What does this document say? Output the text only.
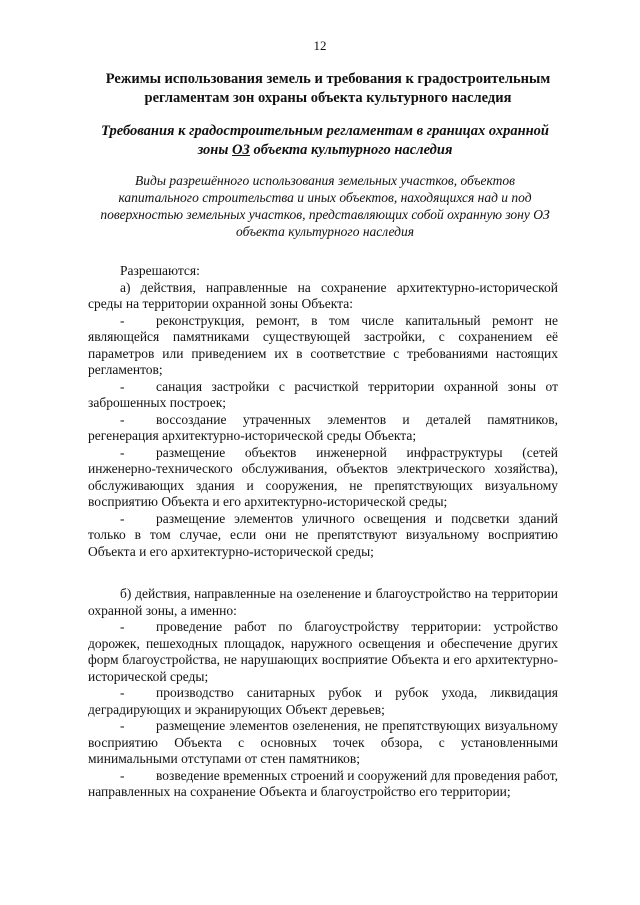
12
Режимы использования земель и требования к градостроительным регламентам зон охраны объекта культурного наследия
Требования к градостроительным регламентам в границах охранной зоны ОЗ объекта культурного наследия
Виды разрешённого использования земельных участков, объектов капитального строительства и иных объектов, находящихся над и под поверхностью земельных участков, представляющих собой охранную зону ОЗ объекта культурного наследия

Разрешаются:

а) действия, направленные на сохранение архитектурно-исторической среды на территории охранной зоны Объекта:

- реконструкция, ремонт, в том числе капитальный ремонт не являющейся памятниками существующей застройки, с сохранением её параметров или приведением их в соответствие с требованиями настоящих регламентов;

- санация застройки с расчисткой территории охранной зоны от заброшенных построек;

- воссоздание утраченных элементов и деталей памятников, регенерация архитектурно-исторической среды Объекта;

- размещение объектов инженерной инфраструктуры (сетей инженерно-технического обслуживания, объектов электрического хозяйства), обслуживающих здания и сооружения, не препятствующих визуальному восприятию Объекта и его архитектурно-исторической среды;

- размещение элементов уличного освещения и подсветки зданий только в том случае, если они не препятствуют визуальному восприятию Объекта и его архитектурно-исторической среды;

б) действия, направленные на озеленение и благоустройство на территории охранной зоны, а именно:

- проведение работ по благоустройству территории: устройство дорожек, пешеходных площадок, наружного освещения и обеспечение других форм благоустройства, не нарушающих восприятие Объекта и его архитектурно-исторической среды;

- производство санитарных рубок и рубок ухода, ликвидация деградирующих и экранирующих Объект деревьев;

- размещение элементов озеленения, не препятствующих визуальному восприятию Объекта с основных точек обзора, с установленными минимальными отступами от стен памятников;

- возведение временных строений и сооружений для проведения работ, направленных на сохранение Объекта и благоустройство его территории;
